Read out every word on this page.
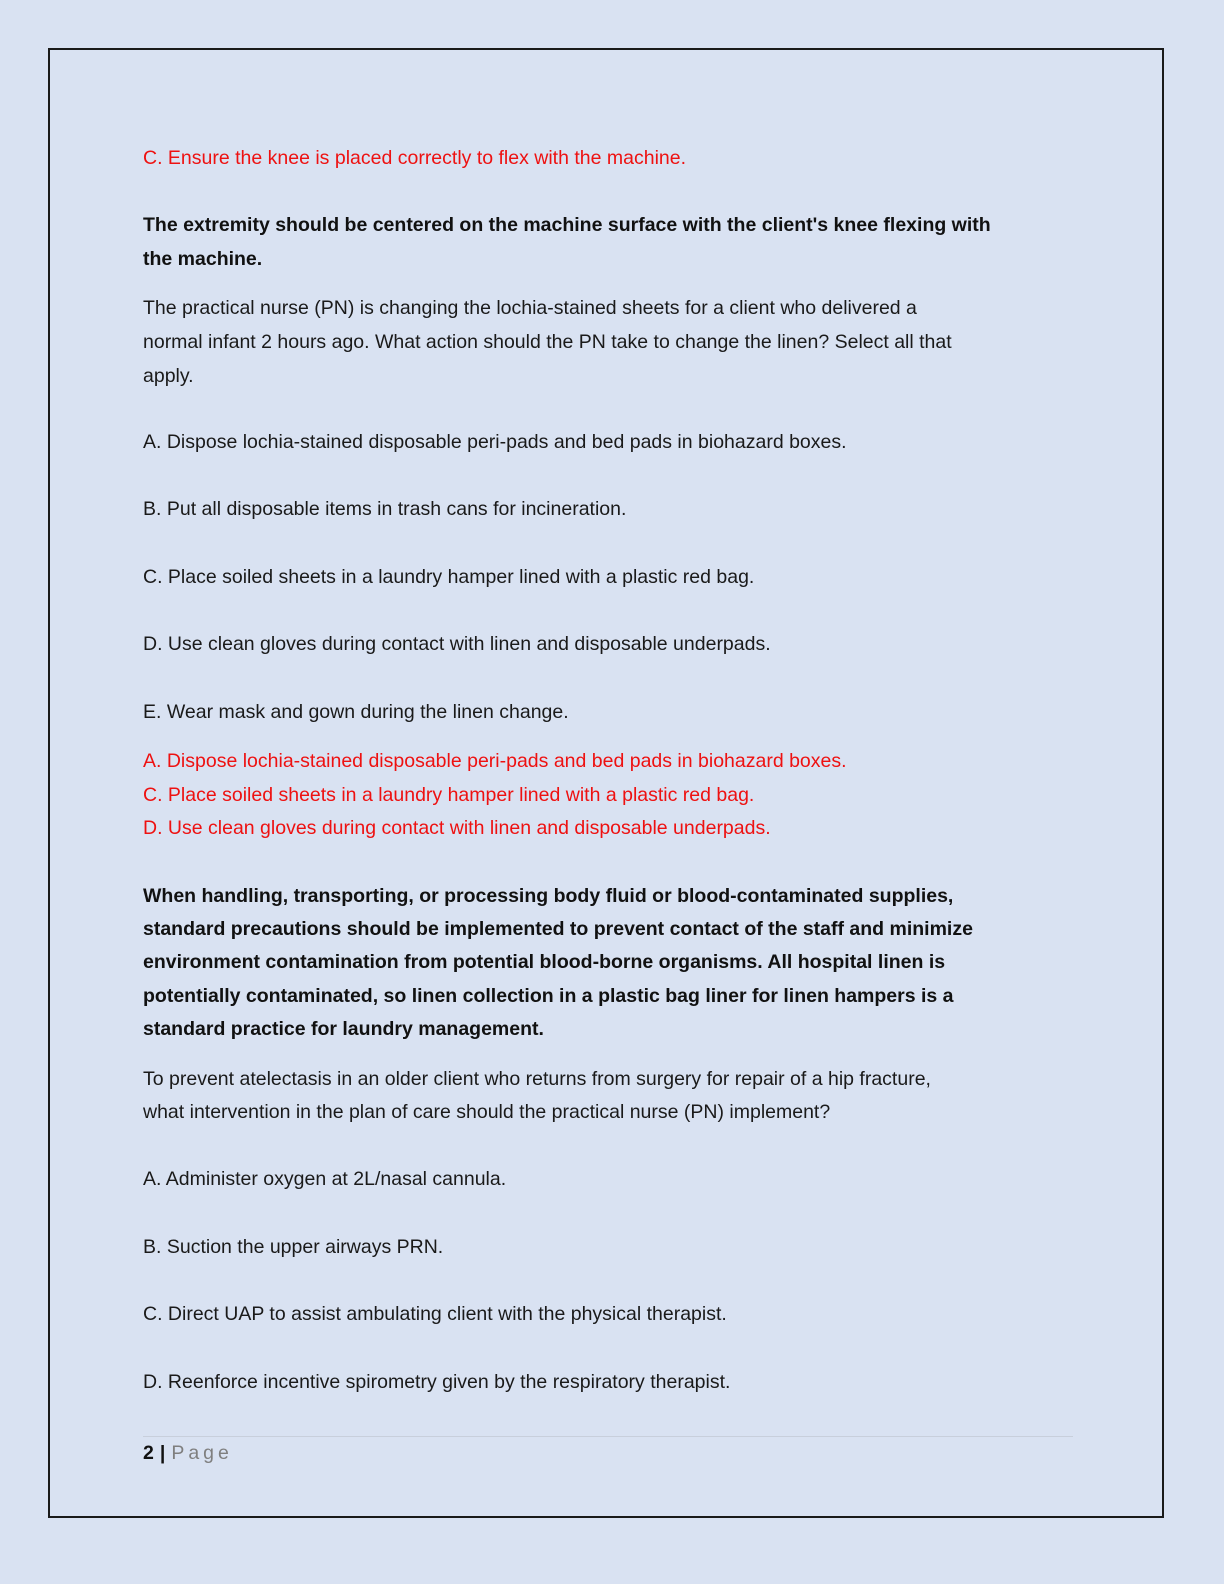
C. Ensure the knee is placed correctly to flex with the machine.
The extremity should be centered on the machine surface with the client's knee flexing with
the machine.
The practical nurse (PN) is changing the lochia-stained sheets for a client who delivered a
normal infant 2 hours ago. What action should the PN take to change the linen? Select all that
apply.
A. Dispose lochia-stained disposable peri-pads and bed pads in biohazard boxes.
B. Put all disposable items in trash cans for incineration.
C. Place soiled sheets in a laundry hamper lined with a plastic red bag.
D. Use clean gloves during contact with linen and disposable underpads.
E. Wear mask and gown during the linen change.
A. Dispose lochia-stained disposable peri-pads and bed pads in biohazard boxes.
C. Place soiled sheets in a laundry hamper lined with a plastic red bag.
D. Use clean gloves during contact with linen and disposable underpads.
When handling, transporting, or processing body fluid or blood-contaminated supplies,
standard precautions should be implemented to prevent contact of the staff and minimize
environment contamination from potential blood-borne organisms. All hospital linen is
potentially contaminated, so linen collection in a plastic bag liner for linen hampers is a
standard practice for laundry management.
To prevent atelectasis in an older client who returns from surgery for repair of a hip fracture,
what intervention in the plan of care should the practical nurse (PN) implement?
A. Administer oxygen at 2L/nasal cannula.
B. Suction the upper airways PRN.
C. Direct UAP to assist ambulating client with the physical therapist.
D. Reenforce incentive spirometry given by the respiratory therapist.
2 | Page
